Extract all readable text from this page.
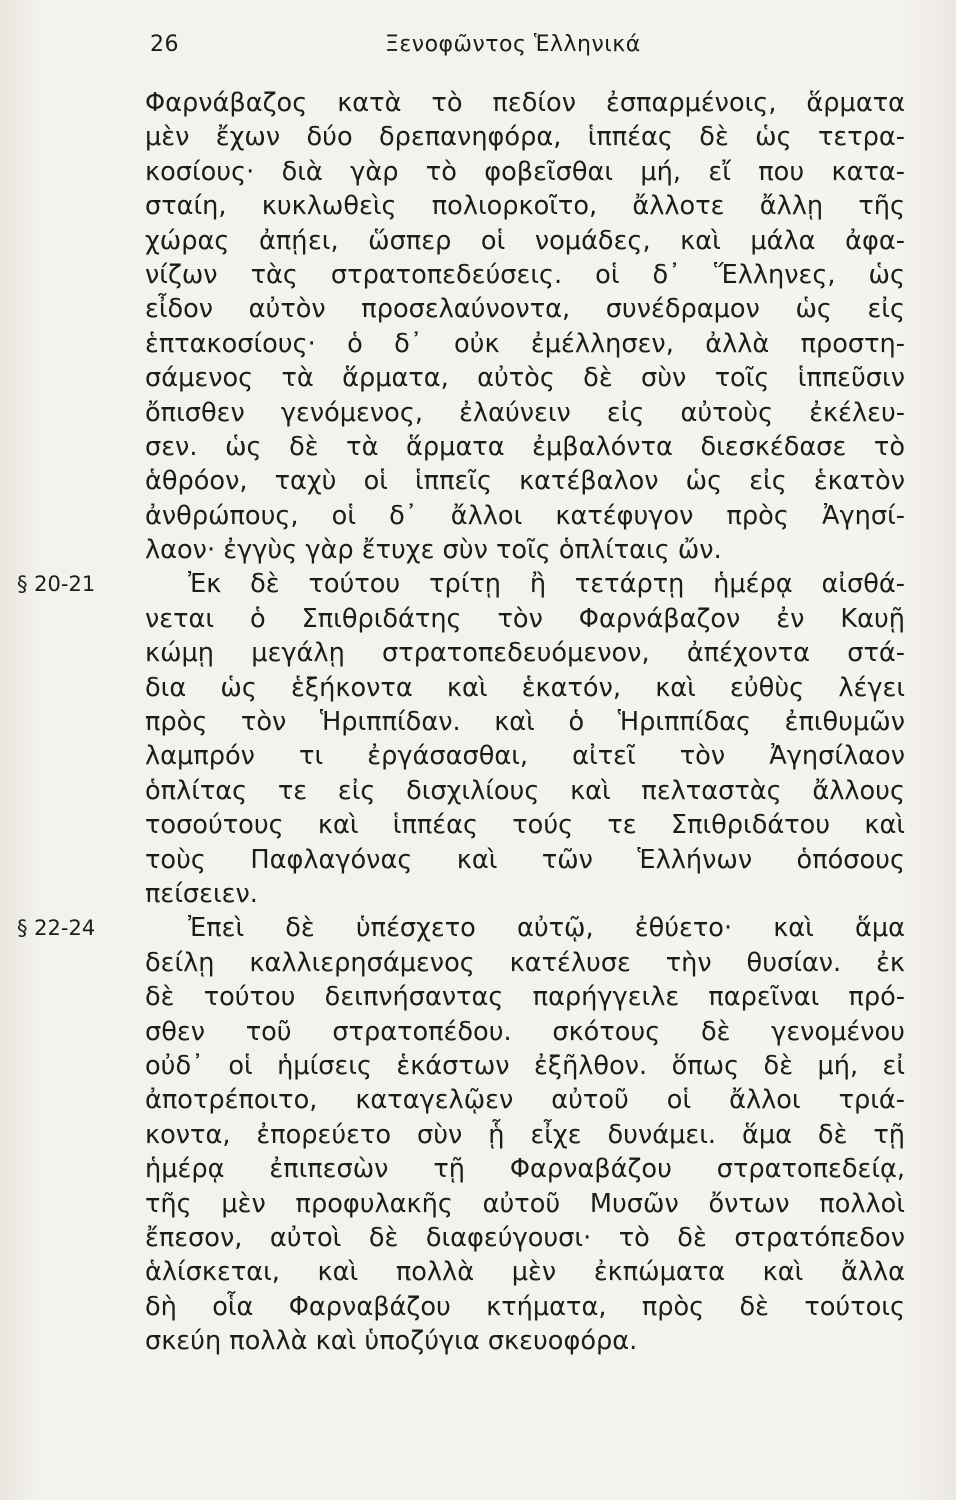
26	Ξενοφῶντος Ἑλληνικά
Φαρνάβαζος κατὰ τὸ πεδίον ἐσπαρμένοις, ἅρματα
μὲν ἔχων δύο δρεπανηφόρα, ἱππέας δὲ ὡς τετρα-
κοσίους· διὰ γὰρ τὸ φοβεῖσθαι μή, εἴ που κατα-
σταίη, κυκλωθεὶς πολιορκοῖτο, ἄλλοτε ἄλλῃ τῆς
χώρας ἀπῄει, ὥσπερ οἱ νομάδες, καὶ μάλα ἀφα-
νίζων τὰς στρατοπεδεύσεις. οἱ δ᾽ Ἕλληνες, ὡς
εἶδον αὐτὸν προσελαύνοντα, συνέδραμον ὡς εἰς
ἑπτακοσίους· ὁ δ᾽ οὐκ ἐμέλλησεν, ἀλλὰ προστη-
σάμενος τὰ ἅρματα, αὐτὸς δὲ σὺν τοῖς ἱππεῦσιν
ὄπισθεν γενόμενος, ἐλαύνειν εἰς αὐτοὺς ἐκέλευ-
σεν. ὡς δὲ τὰ ἅρματα ἐμβαλόντα διεσκέδασε τὸ
ἁθρόον, ταχὺ οἱ ἱππεῖς κατέβαλον ὡς εἰς ἑκατὸν
ἀνθρώπους, οἱ δ᾽ ἄλλοι κατέφυγον πρὸς Ἀγησί-
λαον· ἐγγὺς γὰρ ἔτυχε σὺν τοῖς ὁπλίταις ὤν.
§ 20-21	Ἐκ δὲ τούτου τρίτῃ ἢ τετάρτῃ ἡμέρᾳ αἰσθά-
νεται ὁ Σπιθριδάτης τὸν Φαρνάβαζον ἐν Καυῇ
κώμῃ μεγάλῃ στρατοπεδευόμενον, ἀπέχοντα στά-
δια ὡς ἑξήκοντα καὶ ἑκατόν, καὶ εὐθὺς λέγει
πρὸς τὸν Ἡριππίδαν. καὶ ὁ Ἡριππίδας ἐπιθυμῶν
λαμπρόν τι ἐργάσασθαι, αἰτεῖ τὸν Ἀγησίλαον
ὁπλίτας τε εἰς δισχιλίους καὶ πελταστὰς ἄλλους
τοσούτους καὶ ἱππέας τούς τε Σπιθριδάτου καὶ
τοὺς Παφλαγόνας καὶ τῶν Ἑλλήνων ὁπόσους
πείσειεν.
§ 22-24	Ἐπεὶ δὲ ὑπέσχετο αὐτῷ, ἐθύετο· καὶ ἅμα
δείλῃ καλλιερησάμενος κατέλυσε τὴν θυσίαν. ἐκ
δὲ τούτου δειπνήσαντας παρήγγειλε παρεῖναι πρό-
σθεν τοῦ στρατοπέδου. σκότους δὲ γενομένου
οὐδ᾽ οἱ ἡμίσεις ἑκάστων ἐξῆλθον. ὅπως δὲ μή, εἰ
ἀποτρέποιτο, καταγελῷεν αὐτοῦ οἱ ἄλλοι τριά-
κοντα, ἐπορεύετο σὺν ᾗ εἶχε δυνάμει. ἅμα δὲ τῇ
ἡμέρᾳ ἐπιπεσὼν τῇ Φαρναβάζου στρατοπεδείᾳ,
τῆς μὲν προφυλακῆς αὐτοῦ Μυσῶν ὄντων πολλοὶ
ἔπεσον, αὐτοὶ δὲ διαφεύγουσι· τὸ δὲ στρατόπεδον
ἁλίσκεται, καὶ πολλὰ μὲν ἐκπώματα καὶ ἄλλα
δὴ οἷα Φαρναβάζου κτήματα, πρὸς δὲ τούτοις
σκεύη πολλὰ καὶ ὑποζύγια σκευοφόρα.
